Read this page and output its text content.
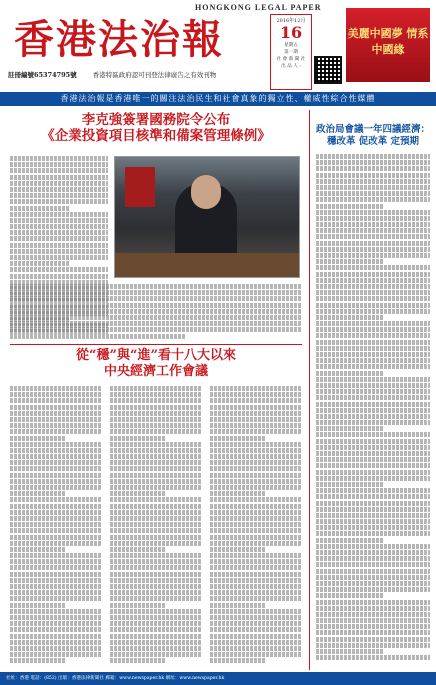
HONGKONG LEGAL PAPER
香港法治報	2016年12月
16
星期五
第一期
社 會 新 聞 社
出 品 人 :
美麗中國夢 情系中國緣
註冊編號65374795號 香港特區政府認可刊登法律廣告之有效刊物
香港法治報是香港唯一的關注法治民生和社會真象的獨立性、權威性綜合性媒體
李克強簽署國務院令公布
《企業投資項目核準和備案管理條例》	政治局會議一年四議經濟：
穩改革 促改革 定預期
從“穩”與“進”看十八大以來
中央經濟工作會議
社址：香港 電話：(852) 出版：香港法律新聞社 郵箱：www.newspaper.hk 網址：www.newspaper.hk
